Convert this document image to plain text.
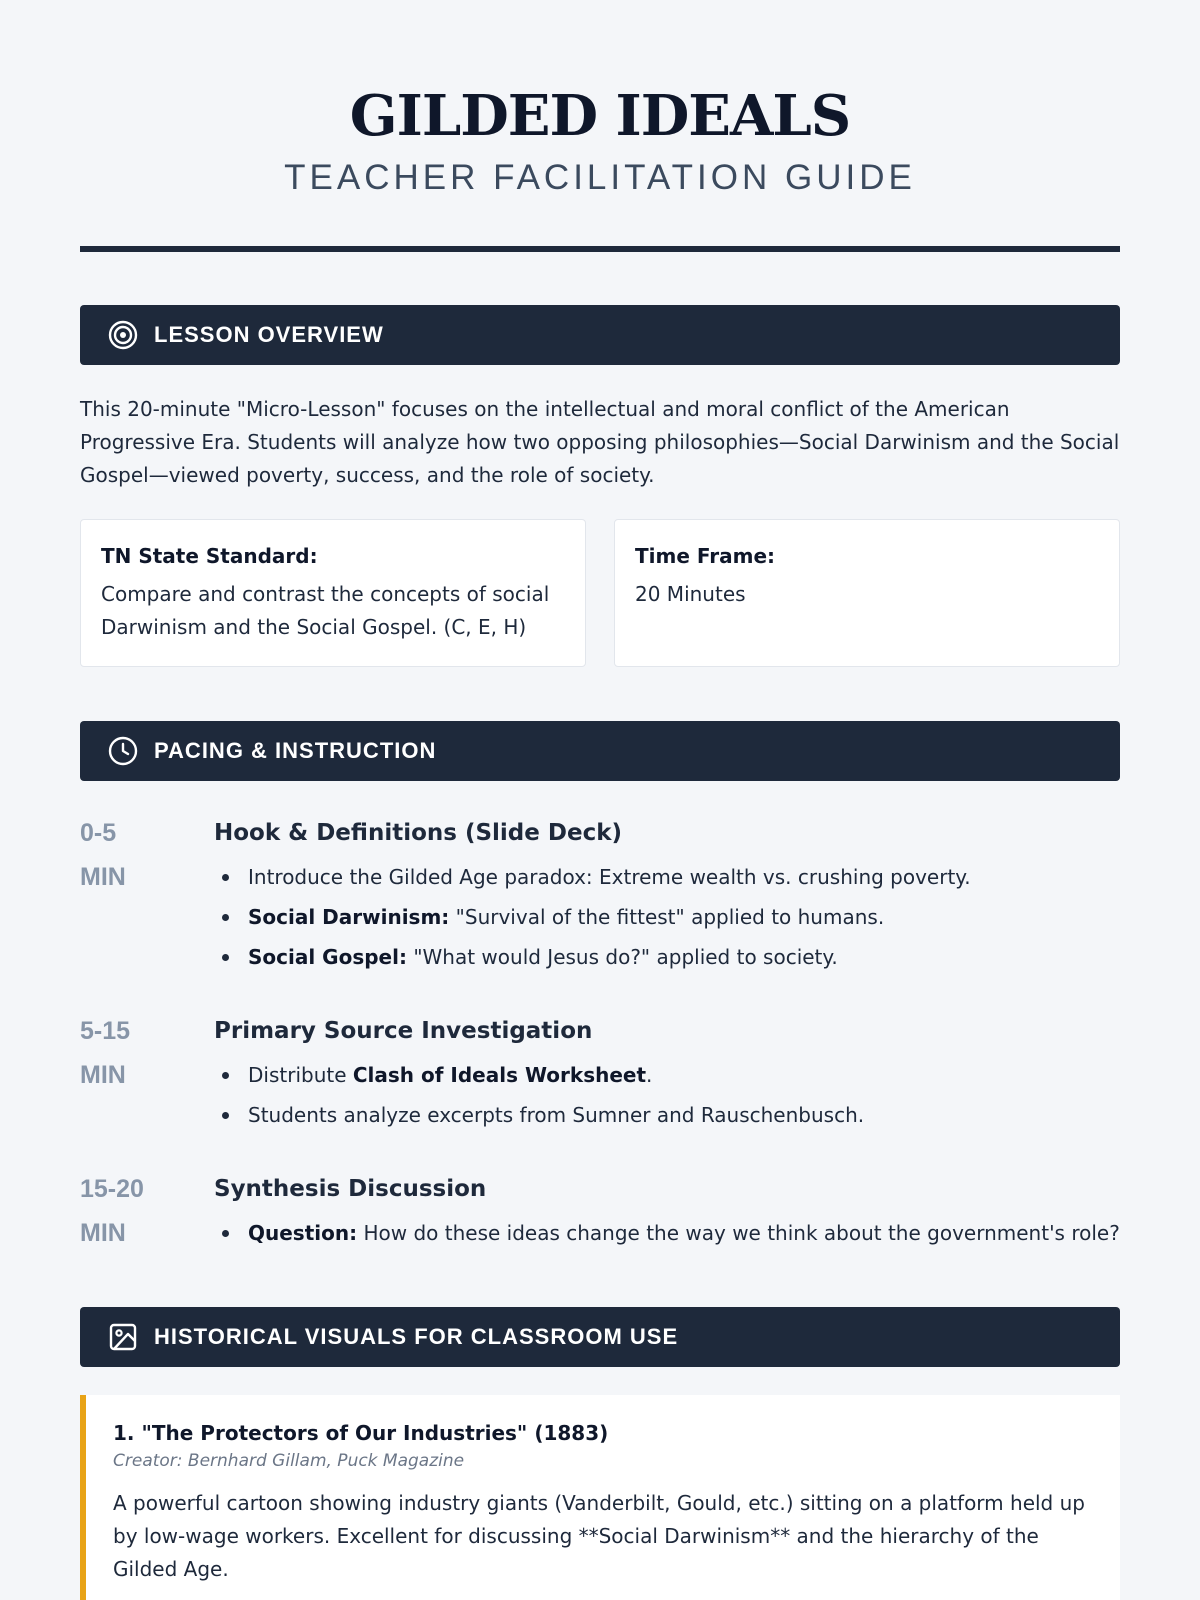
GILDED IDEALS
TEACHER FACILITATION GUIDE
LESSON OVERVIEW

This 20-minute "Micro-Lesson" focuses on the intellectual and moral conflict of the American Progressive Era. Students will analyze how two opposing philosophies—Social Darwinism and the Social Gospel—viewed poverty, success, and the role of society.

TN State Standard:
Compare and contrast the concepts of social Darwinism and the Social Gospel. (C, E, H)
Time Frame:
20 Minutes
PACING & INSTRUCTION
0-5
MIN
Hook & Definitions (Slide Deck)
Introduce the Gilded Age paradox: Extreme wealth vs. crushing poverty.
Social Darwinism: "Survival of the fittest" applied to humans.
Social Gospel: "What would Jesus do?" applied to society.
5-15
MIN
Primary Source Investigation
Distribute Clash of Ideals Worksheet.
Students analyze excerpts from Sumner and Rauschenbusch.
15-20
MIN
Synthesis Discussion
Question: How do these ideas change the way we think about the government's role?
HISTORICAL VISUALS FOR CLASSROOM USE
1. "The Protectors of Our Industries" (1883)
Creator: Bernhard Gillam, Puck Magazine
A powerful cartoon showing industry giants (Vanderbilt, Gould, etc.) sitting on a platform held up by low-wage workers. Excellent for discussing **Social Darwinism** and the hierarchy of the Gilded Age.
